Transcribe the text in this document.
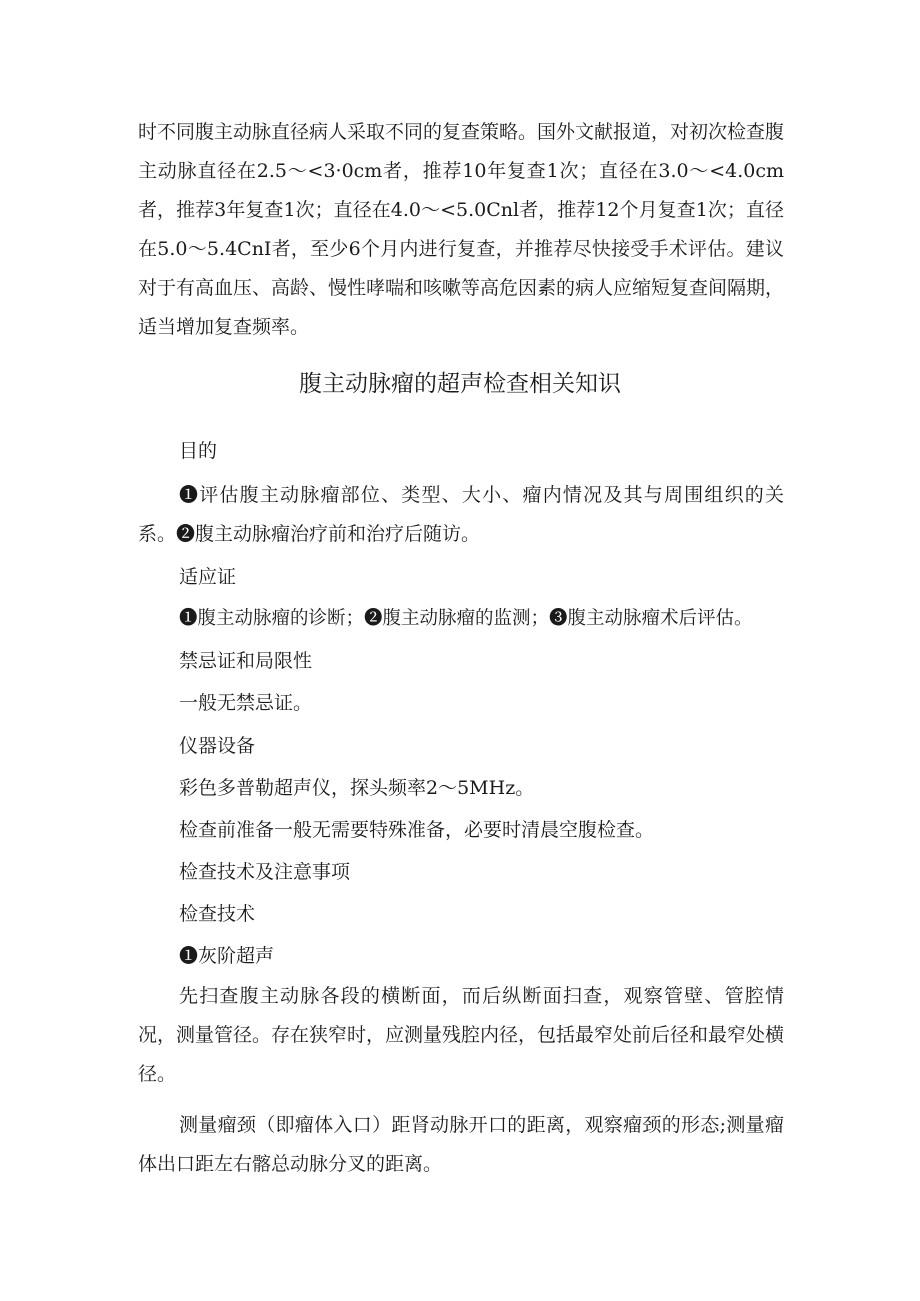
时不同腹主动脉直径病人采取不同的复查策略。国外文献报道，对初次检查腹主动脉直径在2.5～<3·0cm者，推荐10年复查1次；直径在3.0～<4.0cm者，推荐3年复查1次；直径在4.0～<5.0Cnl者，推荐12个月复查1次；直径在5.0～5.4CnI者，至少6个月内进行复查，并推荐尽快接受手术评估。建议对于有高血压、高龄、慢性哮喘和咳嗽等高危因素的病人应缩短复查间隔期，适当增加复查频率。

腹主动脉瘤的超声检查相关知识

目的

❶评估腹主动脉瘤部位、类型、大小、瘤内情况及其与周围组织的关系。❷腹主动脉瘤治疗前和治疗后随访。

适应证

❶腹主动脉瘤的诊断；❷腹主动脉瘤的监测；❸腹主动脉瘤术后评估。

禁忌证和局限性

一般无禁忌证。

仪器设备

彩色多普勒超声仪，探头频率2～5MHz。

检查前准备一般无需要特殊准备，必要时清晨空腹检查。

检查技术及注意事项

检查技术

❶灰阶超声

先扫查腹主动脉各段的横断面，而后纵断面扫查，观察管壁、管腔情况，测量管径。存在狭窄时，应测量残腔内径，包括最窄处前后径和最窄处横径。

测量瘤颈（即瘤体入口）距肾动脉开口的距离，观察瘤颈的形态;测量瘤体出口距左右髂总动脉分叉的距离。
